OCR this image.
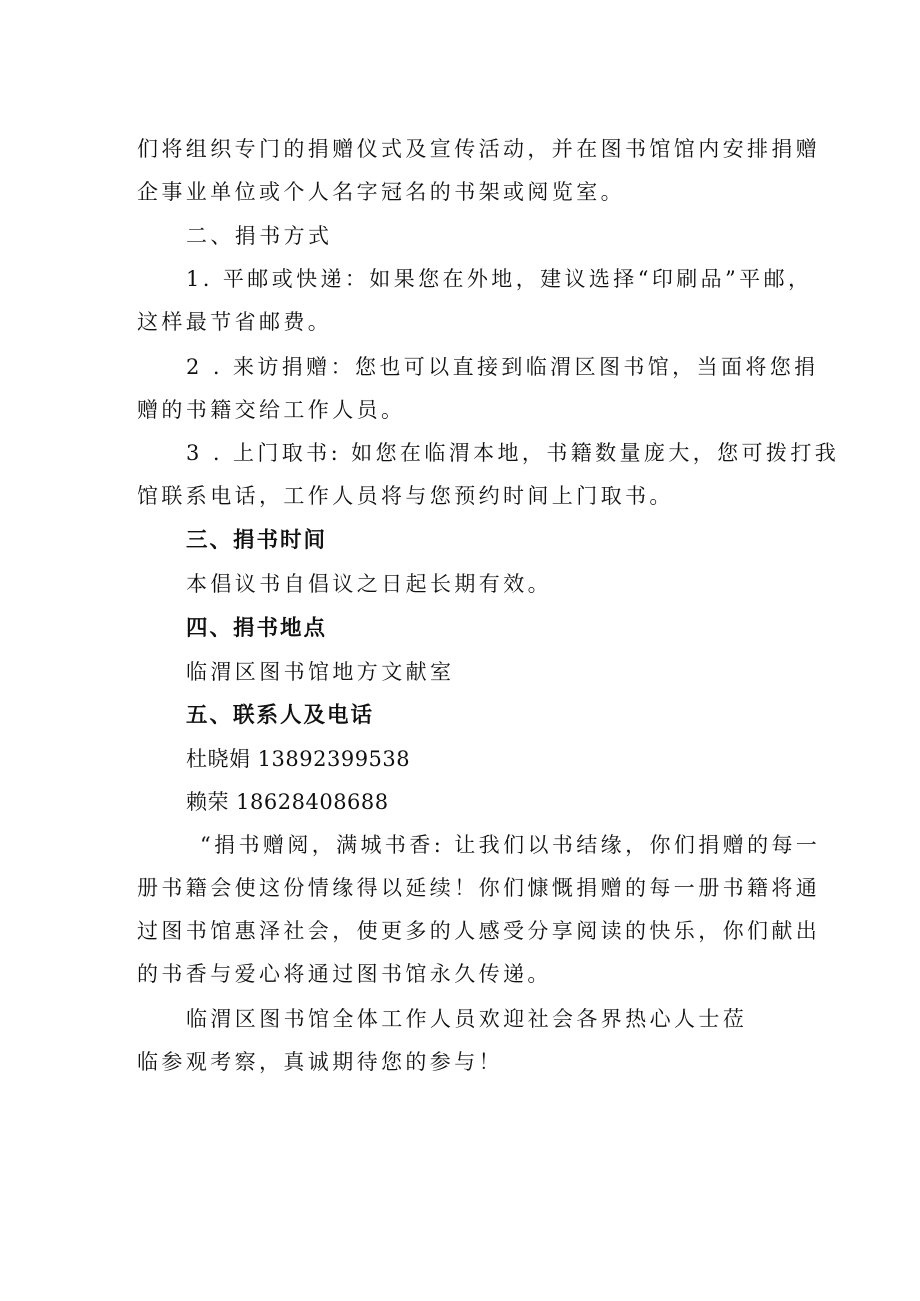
们将组织专门的捐赠仪式及宣传活动，并在图书馆馆内安排捐赠
企事业单位或个人名字冠名的书架或阅览室。

二、捐书方式

1. 平邮或快递：如果您在外地，建议选择“印刷品”平邮，
这样最节省邮费。

2 . 来访捐赠：您也可以直接到临渭区图书馆，当面将您捐
赠的书籍交给工作人员。

3 . 上门取书: 如您在临渭本地，书籍数量庞大，您可拨打我
馆联系电话，工作人员将与您预约时间上门取书。

三、捐书时间

本倡议书自倡议之日起长期有效。

四、捐书地点

临渭区图书馆地方文献室

五、联系人及电话

杜晓娟 13892399538

赖荣 18628408688

“捐书赠阅，满城书香: 让我们以书结缘，你们捐赠的每一
册书籍会使这份情缘得以延续！你们慷慨捐赠的每一册书籍将通
过图书馆惠泽社会，使更多的人感受分享阅读的快乐，你们献出
的书香与爱心将通过图书馆永久传递。

临渭区图书馆全体工作人员欢迎社会各界热心人士莅
临参观考察，真诚期待您的参与！
